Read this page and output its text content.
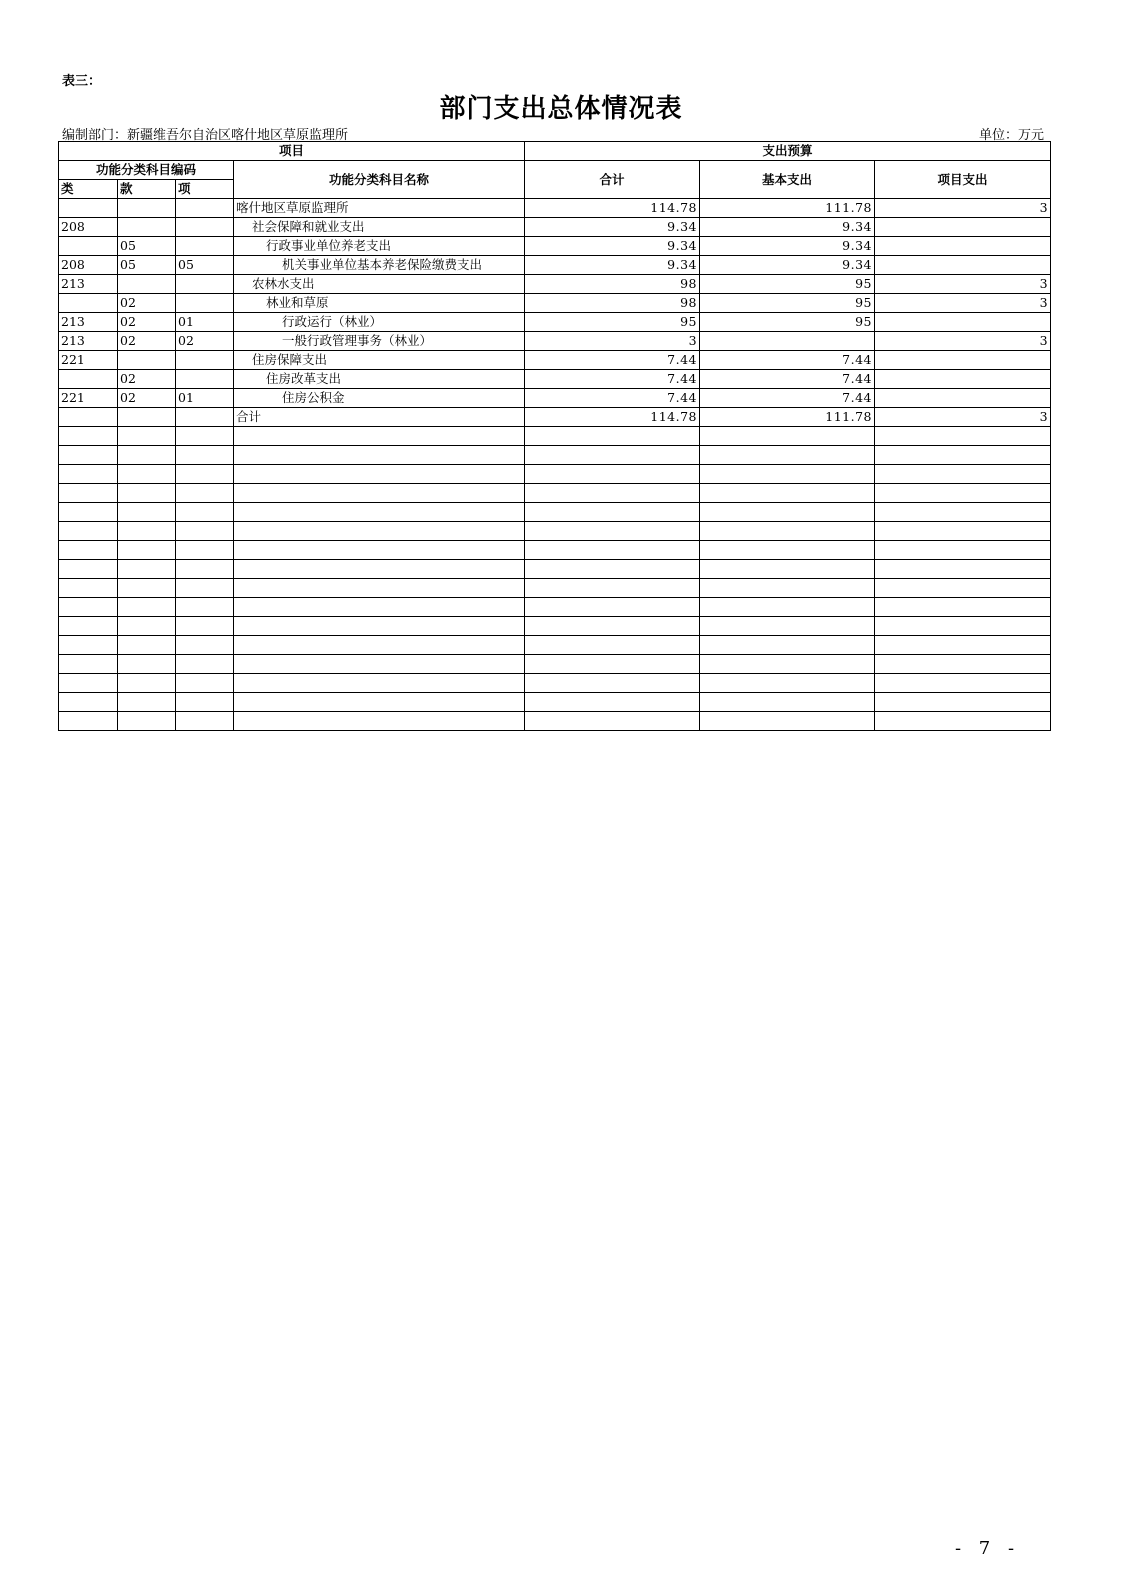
表三：
部门支出总体情况表
编制部门：新疆维吾尔自治区喀什地区草原监理所	单位：万元
项目				支出预算		
功能分类科目编码			功能分类科目名称	合计	基本支出	项目支出
类	款	项				
			喀什地区草原监理所	114.78	111.78	3
208			社会保障和就业支出	9.34	9.34	
	05		行政事业单位养老支出	9.34	9.34	
208	05	05	机关事业单位基本养老保险缴费支出	9.34	9.34	
213			农林水支出	98	95	3
	02		林业和草原	98	95	3
213	02	01	行政运行（林业）	95	95	
213	02	02	一般行政管理事务（林业）	3		3
221			住房保障支出	7.44	7.44	
	02		住房改革支出	7.44	7.44	
221	02	01	住房公积金	7.44	7.44	
			合计	114.78	111.78	3

- 7 -
